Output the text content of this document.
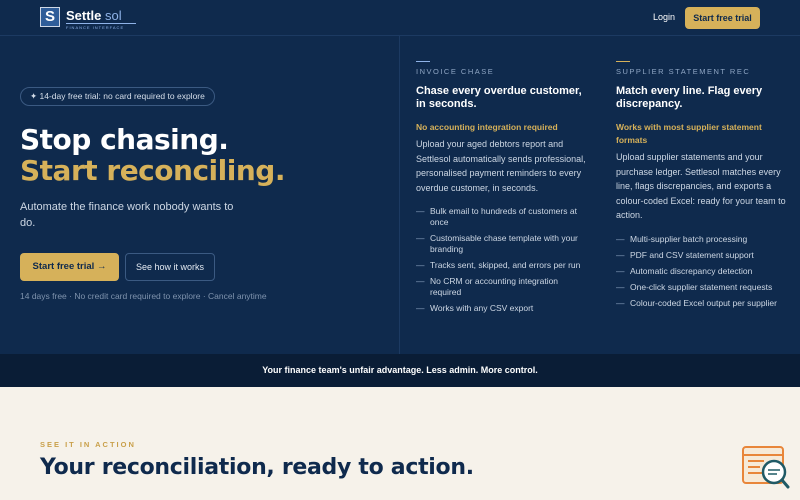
S Settle sol
FINANCE INTERFACE
Login	Start free trial
✦ 14-day free trial: no card required to explore
Stop chasing.
Start reconciling.

Automate the finance work nobody wants to do.

Start free trial →	See how it works
14 days free · No credit card required to explore · Cancel anytime
INVOICE CHASE
Chase every overdue customer, in seconds.
No accounting integration required
Upload your aged debtors report and Settlesol automatically sends professional, personalised payment reminders to every overdue customer, in seconds.
— Bulk email to hundreds of customers at once
— Customisable chase template with your branding
— Tracks sent, skipped, and errors per run
— No CRM or accounting integration required
— Works with any CSV export
SUPPLIER STATEMENT REC
Match every line. Flag every discrepancy.
Works with most supplier statement formats
Upload supplier statements and your purchase ledger. Settlesol matches every line, flags discrepancies, and exports a colour-coded Excel: ready for your team to action.
— Multi-supplier batch processing
— PDF and CSV statement support
— Automatic discrepancy detection
— One-click supplier statement requests
— Colour-coded Excel output per supplier
Your finance team's unfair advantage. Less admin. More control.
SEE IT IN ACTION
Your reconciliation, ready to action.
